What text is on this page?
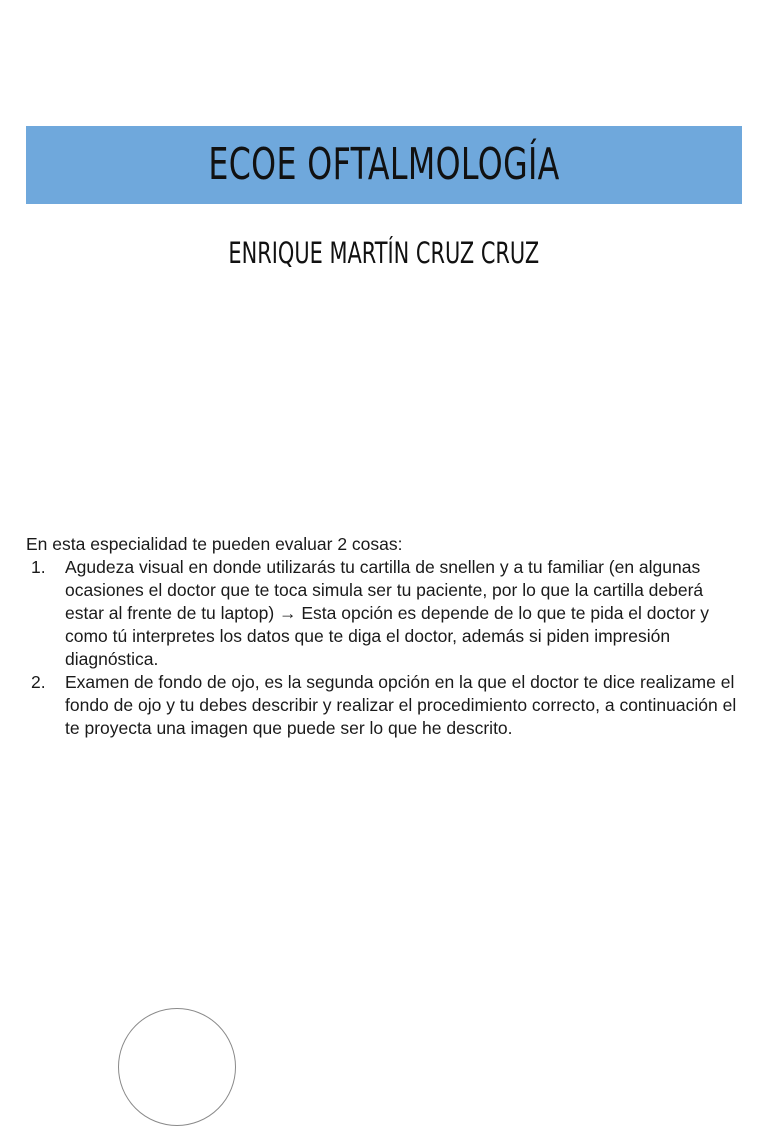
ECOE OFTALMOLOGÍA
ENRIQUE MARTÍN CRUZ CRUZ

En esta especialidad te pueden evaluar 2 cosas:

1.	Agudeza visual en donde utilizarás tu cartilla de snellen y a tu familiar (en algunas ocasiones el doctor que te toca simula ser tu paciente, por lo que la cartilla deberá estar al frente de tu laptop) → Esta opción es depende de lo que te pida el doctor y como tú interpretes los datos que te diga el doctor, además si piden impresión diagnóstica.
2.	Examen de fondo de ojo, es la segunda opción en la que el doctor te dice realizame el fondo de ojo y tu debes describir y realizar el procedimiento correcto, a continuación el te proyecta una imagen que puede ser lo que he descrito.
